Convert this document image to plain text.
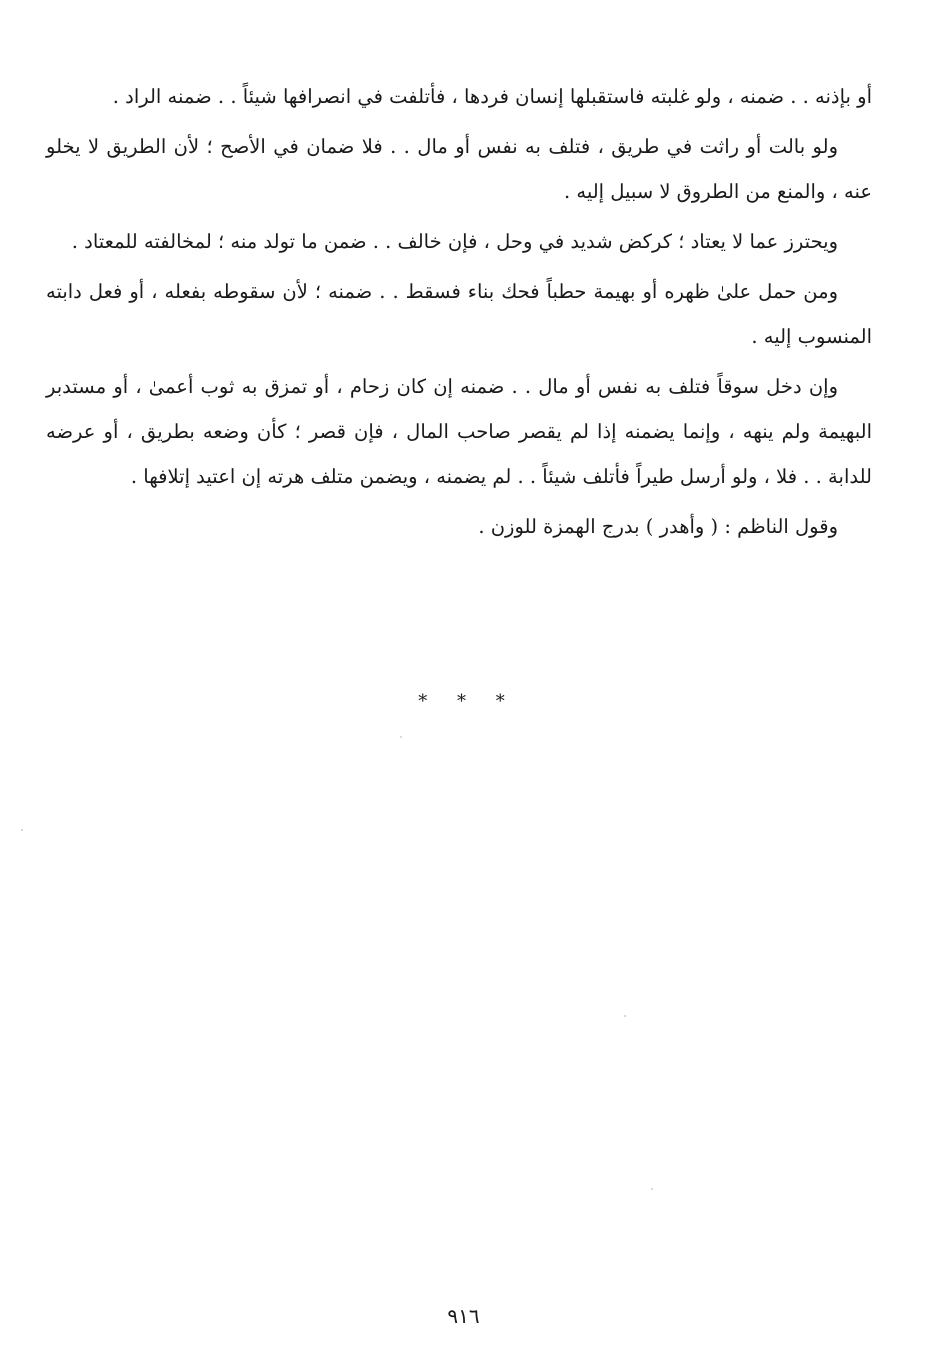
أو بإذنه . . ضمنه ، ولو غلبته فاستقبلها إنسان فردها ، فأتلفت في انصرافها شيئاً . . ضمنه الراد .

ولو بالت أو راثت في طريق ، فتلف به نفس أو مال . . فلا ضمان في الأصح ؛ لأن الطريق لا يخلو عنه ، والمنع من الطروق لا سبيل إليه .

ويحترز عما لا يعتاد ؛ كركض شديد في وحل ، فإن خالف . . ضمن ما تولد منه ؛ لمخالفته للمعتاد .

ومن حمل علىٰ ظهره أو بهيمة حطباً فحك بناء فسقط . . ضمنه ؛ لأن سقوطه بفعله ، أو فعل دابته المنسوب إليه .

وإن دخل سوقاً فتلف به نفس أو مال . . ضمنه إن كان زحام ، أو تمزق به ثوب أعمىٰ ، أو مستدبر البهيمة ولم ينهه ، وإنما يضمنه إذا لم يقصر صاحب المال ، فإن قصر ؛ كأن وضعه بطريق ، أو عرضه للدابة . . فلا ، ولو أرسل طيراً فأتلف شيئاً . . لم يضمنه ، ويضمن متلف هرته إن اعتيد إتلافها .

وقول الناظم : ( وأهدر ) بدرج الهمزة للوزن .

* * *
٩١٦
